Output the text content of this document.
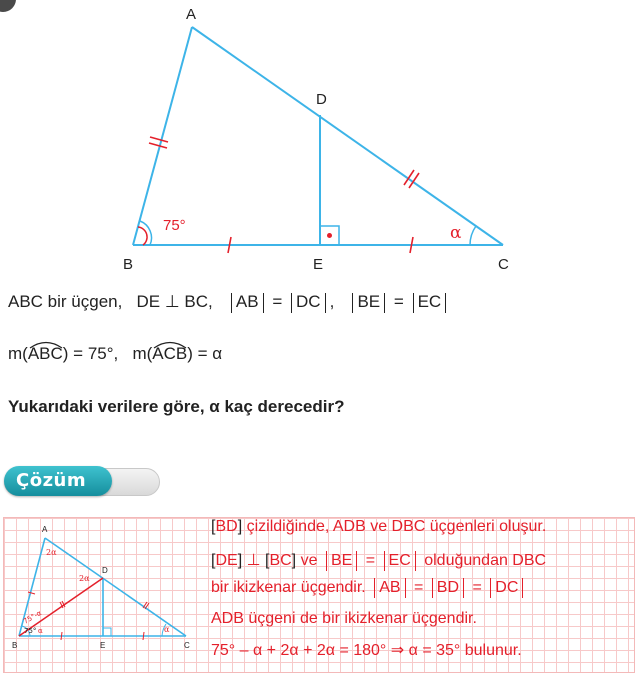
A
B	C
D
E
75°	α
ABC bir üçgen, DE ⊥ BC, AB = DC , BE = EC
m(
ABC) = 75°, m(
ACB) = α
Yukarıdaki verilere göre, α kaç derecedir?
Çözüm
A
B	C
D
E
2α
2α
75°-α
75° α	α
[BD] çizildiğinde, ADB ve DBC üçgenleri oluşur.
[DE] ⊥ [BC] ve BE = EC olduğundan DBC
bir ikizkenar üçgendir. AB = BD = DC
ADB üçgeni de bir ikizkenar üçgendir.
75° – α + 2α + 2α = 180° ⇒ α = 35° bulunur.
